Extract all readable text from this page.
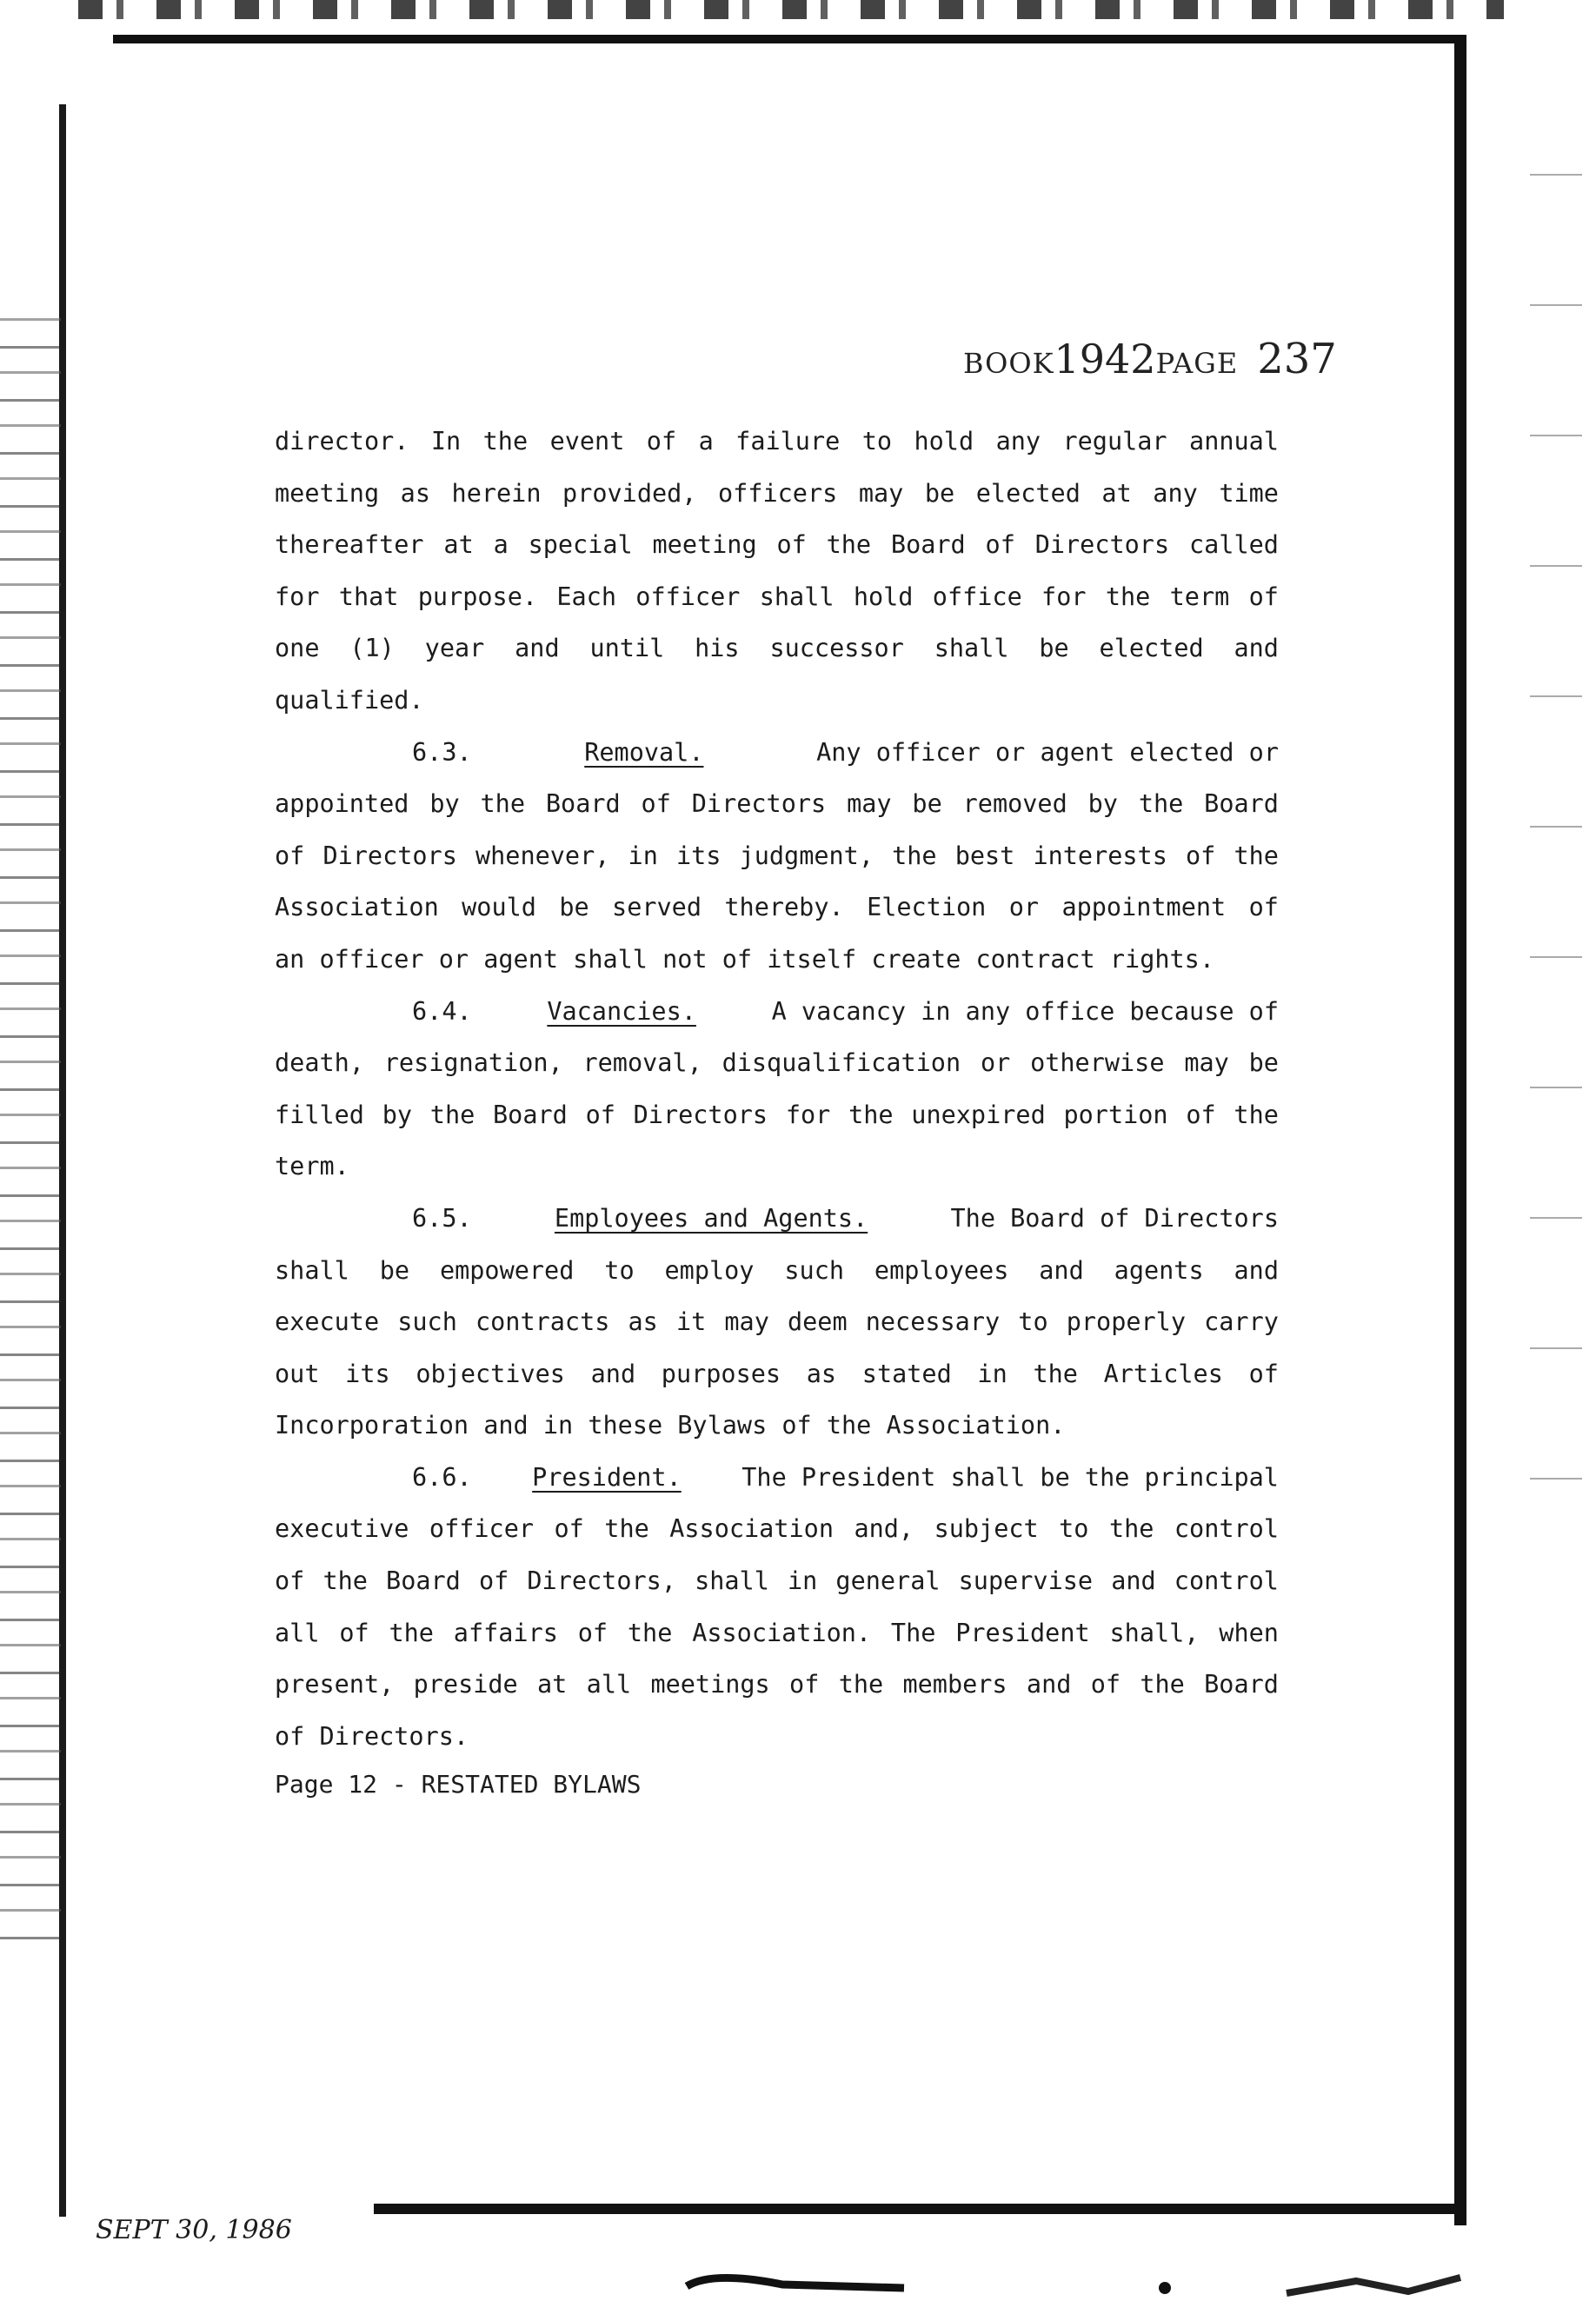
BOOK1942PAGE 237
director. In the event of a failure to hold any regular annual
meeting as herein provided, officers may be elected at any time
thereafter at a special meeting of the Board of Directors called
for that purpose. Each officer shall hold office for the term of
one (1) year and until his successor shall be elected and
qualified.
6.3.	Removal.	Any officer or agent elected or
appointed by the Board of Directors may be removed by the Board
of Directors whenever, in its judgment, the best interests of the
Association would be served thereby. Election or appointment of
an officer or agent shall not of itself create contract rights.
6.4.	Vacancies.	A vacancy in any office because of
death, resignation, removal, disqualification or otherwise may be
filled by the Board of Directors for the unexpired portion of the
term.
6.5.	Employees and Agents.	The Board of Directors
shall be empowered to employ such employees and agents and
execute such contracts as it may deem necessary to properly carry
out its objectives and purposes as stated in the Articles of
Incorporation and in these Bylaws of the Association.
6.6. President. The President shall be the principal
executive officer of the Association and, subject to the control
of the Board of Directors, shall in general supervise and control
all of the affairs of the Association. The President shall, when
present, preside at all meetings of the members and of the Board
of Directors.
Page 12 - RESTATED BYLAWS
SEPT 30, 1986
